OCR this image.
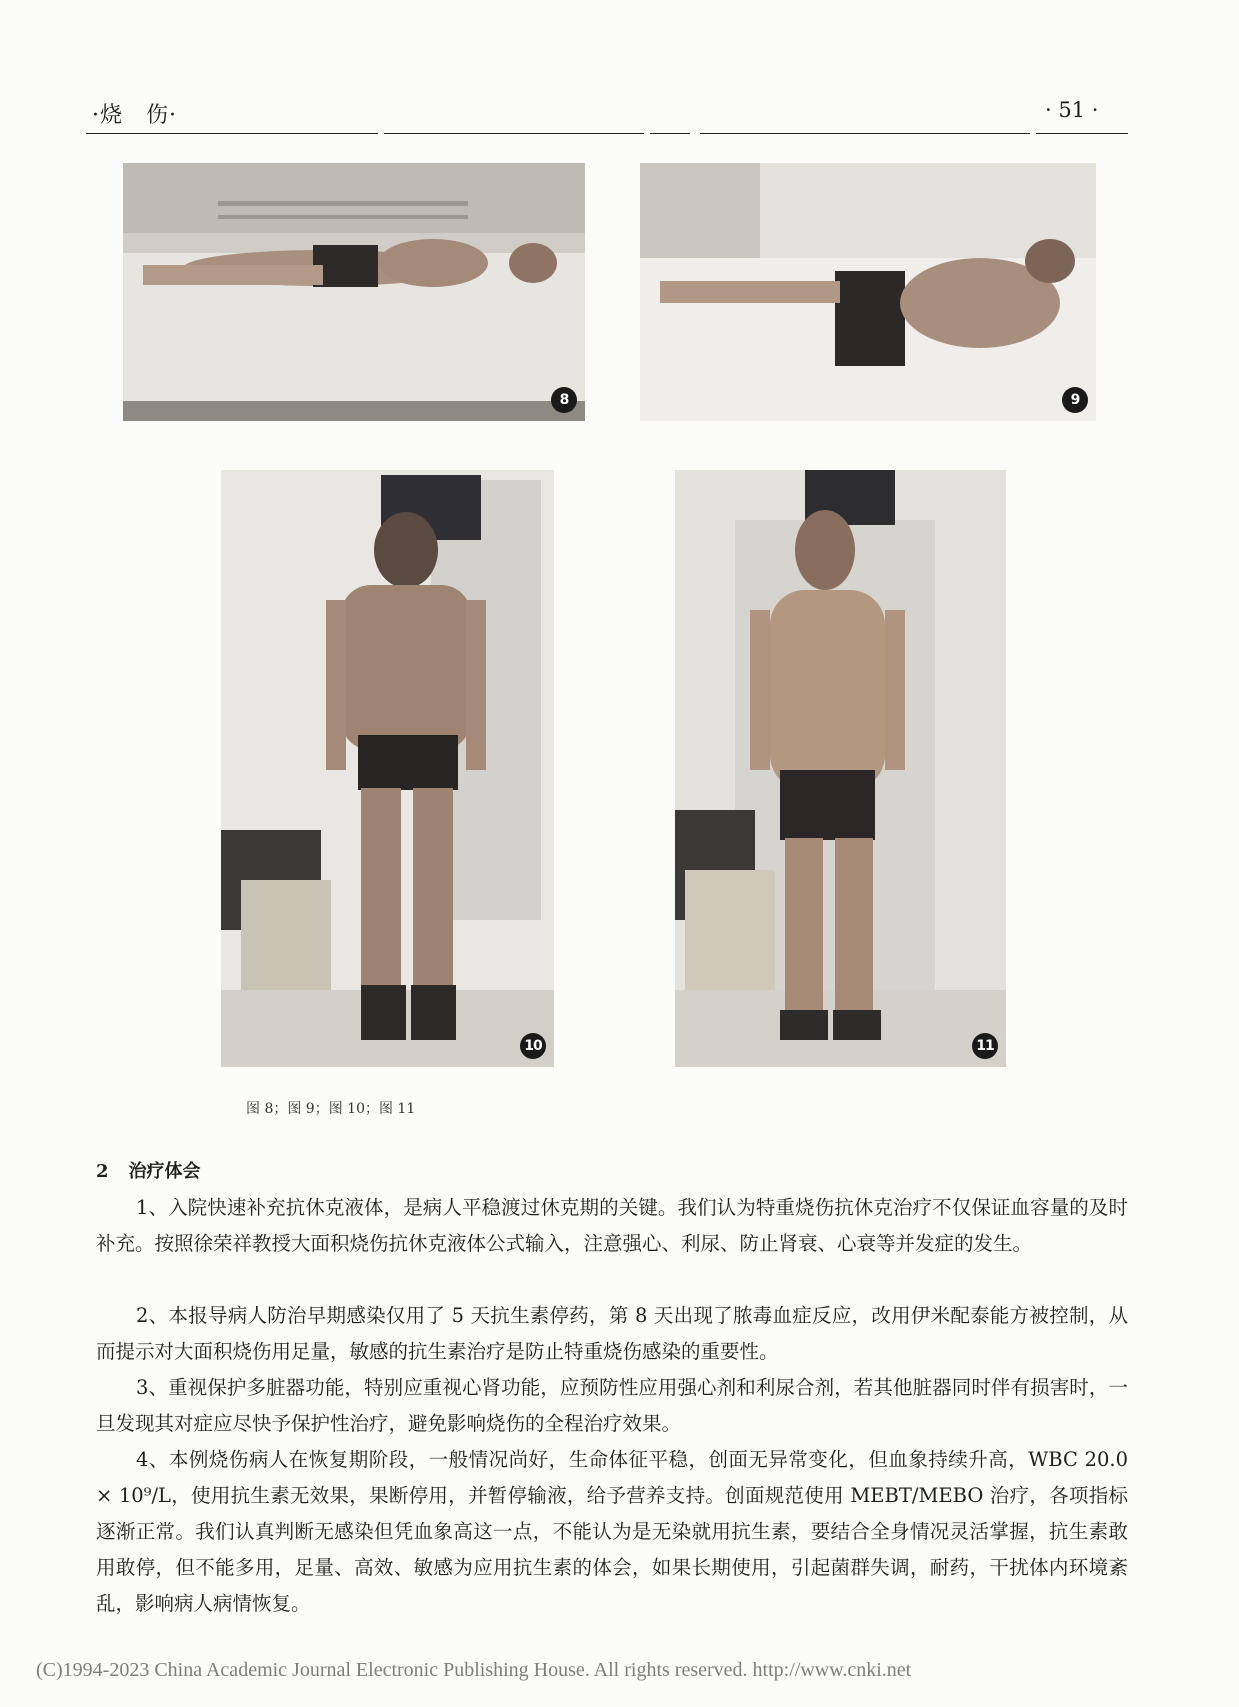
·烧　伤·	· 51 ·
8	9
10	11
图 8；图 9；图 10；图 11
2 治疗体会

1、入院快速补充抗休克液体，是病人平稳渡过休克期的关键。我们认为特重烧伤抗休克治疗不仅保证血容量的及时补充。按照徐荣祥教授大面积烧伤抗休克液体公式输入，注意强心、利尿、防止肾衰、心衰等并发症的发生。

2、本报导病人防治早期感染仅用了 5 天抗生素停药，第 8 天出现了脓毒血症反应，改用伊米配泰能方被控制，从而提示对大面积烧伤用足量，敏感的抗生素治疗是防止特重烧伤感染的重要性。

3、重视保护多脏器功能，特别应重视心肾功能，应预防性应用强心剂和利尿合剂，若其他脏器同时伴有损害时，一旦发现其对症应尽快予保护性治疗，避免影响烧伤的全程治疗效果。

4、本例烧伤病人在恢复期阶段，一般情况尚好，生命体征平稳，创面无异常变化，但血象持续升高，WBC 20.0 × 10⁹/L，使用抗生素无效果，果断停用，并暂停输液，给予营养支持。创面规范使用 MEBT/MEBO 治疗，各项指标逐渐正常。我们认真判断无感染但凭血象高这一点，不能认为是无染就用抗生素，要结合全身情况灵活掌握，抗生素敢用敢停，但不能多用，足量、高效、敏感为应用抗生素的体会，如果长期使用，引起菌群失调，耐药，干扰体内环境紊乱，影响病人病情恢复。

(C)1994-2023 China Academic Journal Electronic Publishing House. All rights reserved. http://www.cnki.net
